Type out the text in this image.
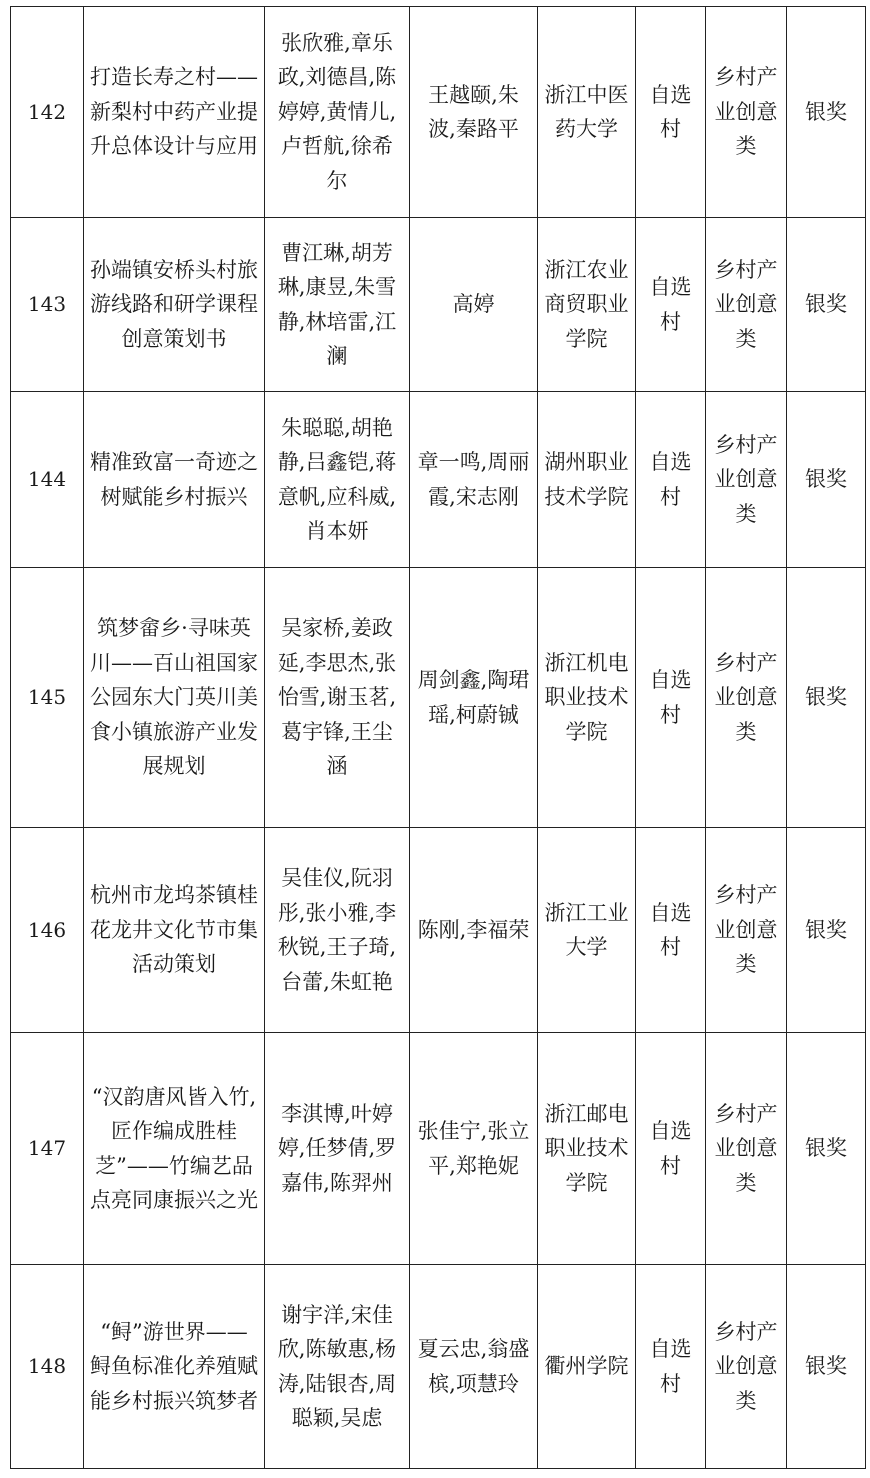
142	打造长寿之村——新梨村中药产业提升总体设计与应用	张欣雅,章乐政,刘德昌,陈婷婷,黄情儿,卢哲航,徐希尔	王越颐,朱波,秦路平	浙江中医药大学	自选村	乡村产业创意类	银奖
143	孙端镇安桥头村旅游线路和研学课程 创意策划书	曹江琳,胡芳琳,康昱,朱雪静,林培雷,江澜	高婷	浙江农业商贸职业学院	自选村	乡村产业创意类	银奖
144	精准致富一奇迹之树赋能乡村振兴	朱聪聪,胡艳静,吕鑫铠,蒋意帆,应科威,肖本妍	章一鸣,周丽霞,宋志刚	湖州职业技术学院	自选村	乡村产业创意类	银奖
145	筑梦畲乡·寻味英川——百山祖国家公园东大门英川美食小镇旅游产业发展规划	吴家桥,姜政延,李思杰,张怡雪,谢玉茗,葛宇锋,王尘涵	周剑鑫,陶珺瑶,柯蔚铖	浙江机电职业技术学院	自选村	乡村产业创意类	银奖
146	杭州市龙坞茶镇桂花龙井文化节市集活动策划	吴佳仪,阮羽彤,张小雅,李秋锐,王子琦,台蕾,朱虹艳	陈刚,李福荣	浙江工业大学	自选村	乡村产业创意类	银奖
147	“汉韵唐风皆入竹,匠作编成胜桂芝”——竹编艺品点亮同康振兴之光	李淇博,叶婷婷,任梦倩,罗嘉伟,陈羿州	张佳宁,张立平,郑艳妮	浙江邮电职业技术学院	自选村	乡村产业创意类	银奖
148	“鲟”游世界——鲟鱼标准化养殖赋能乡村振兴筑梦者	谢宇洋,宋佳欣,陈敏惠,杨涛,陆银杏,周聪颖,吴虑	夏云忠,翁盛槟,项慧玲	衢州学院	自选村	乡村产业创意类	银奖
